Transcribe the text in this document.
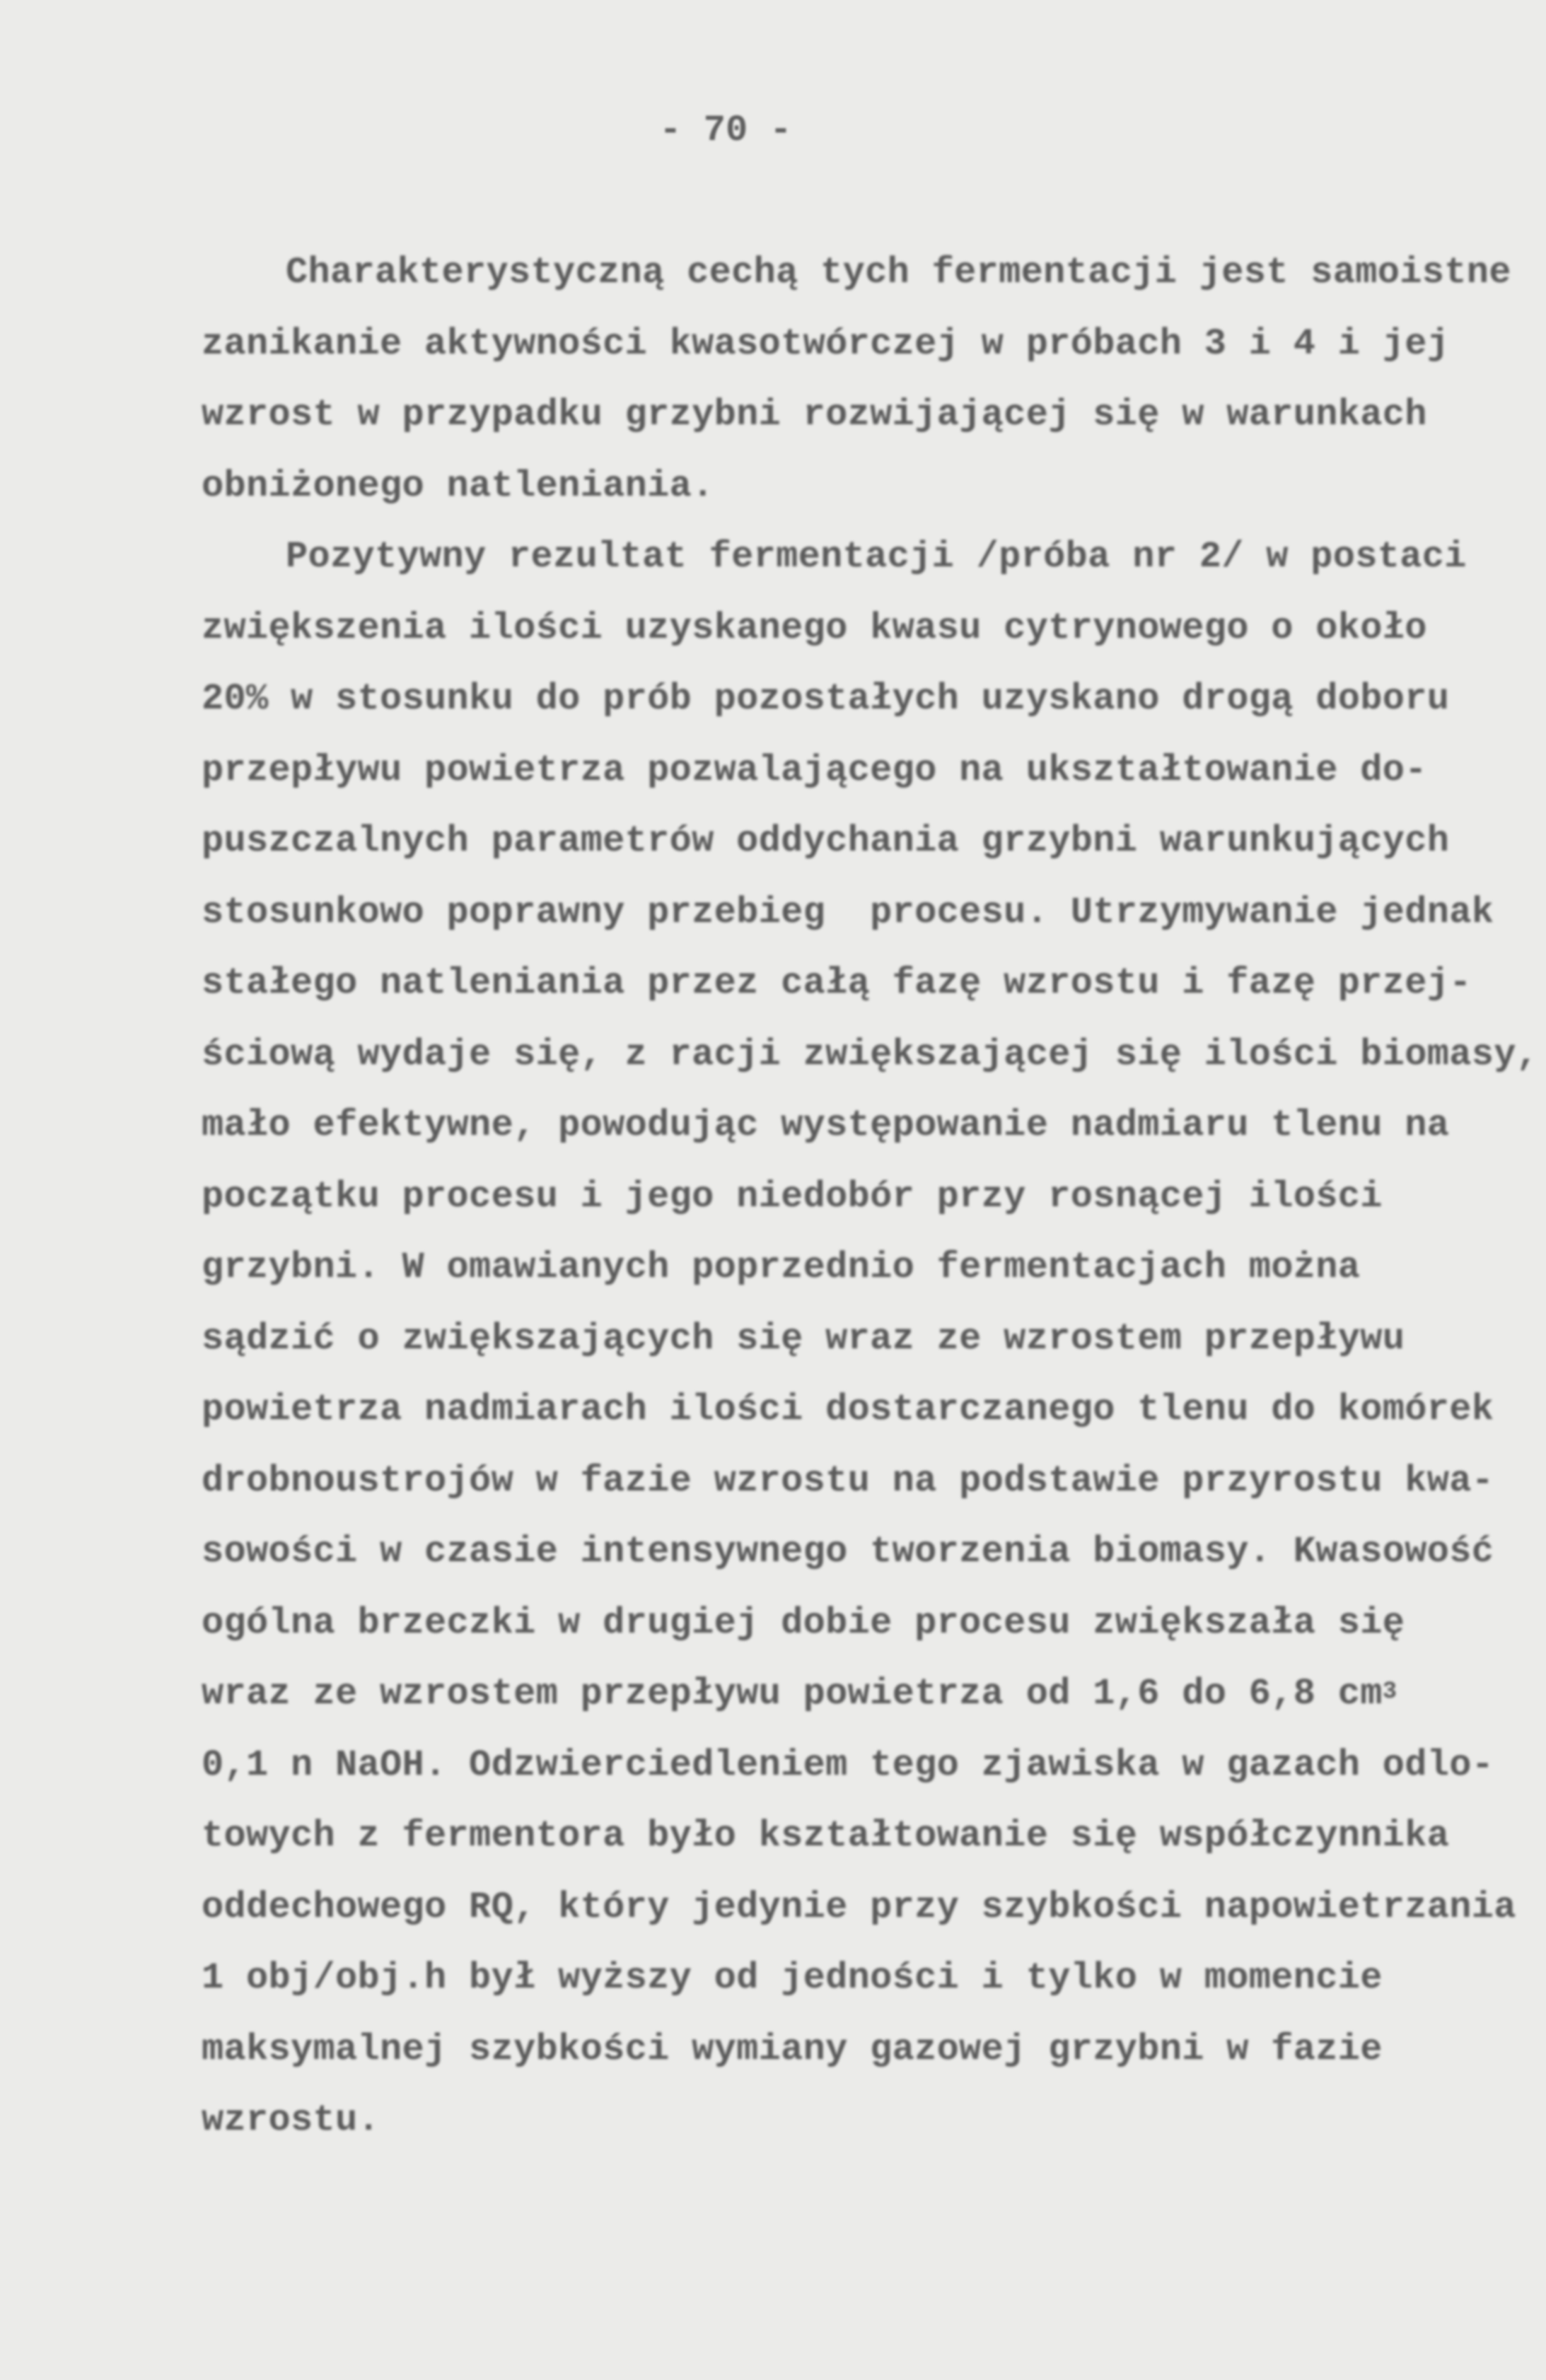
- 70 -
Charakterystyczną cechą tych fermentacji jest samoistne
zanikanie aktywności kwasotwórczej w próbach 3 i 4 i jej
wzrost w przypadku grzybni rozwijającej się w warunkach
obniżonego natleniania.
Pozytywny rezultat fermentacji /próba nr 2/ w postaci
zwiększenia ilości uzyskanego kwasu cytrynowego o około
20% w stosunku do prób pozostałych uzyskano drogą doboru
przepływu powietrza pozwalającego na ukształtowanie do-
puszczalnych parametrów oddychania grzybni warunkujących
stosunkowo poprawny przebieg  procesu. Utrzymywanie jednak
stałego natleniania przez całą fazę wzrostu i fazę przej-
ściową wydaje się, z racji zwiększającej się ilości biomasy,
mało efektywne, powodując występowanie nadmiaru tlenu na
początku procesu i jego niedobór przy rosnącej ilości
grzybni. W omawianych poprzednio fermentacjach można
sądzić o zwiększających się wraz ze wzrostem przepływu
powietrza nadmiarach ilości dostarczanego tlenu do komórek
drobnoustrojów w fazie wzrostu na podstawie przyrostu kwa-
sowości w czasie intensywnego tworzenia biomasy. Kwasowość
ogólna brzeczki w drugiej dobie procesu zwiększała się
wraz ze wzrostem przepływu powietrza od 1,6 do 6,8 $cm^3$
0,1 n NaOH. Odzwierciedleniem tego zjawiska w gazach odlo-
towych z fermentora było kształtowanie się współczynnika
oddechowego RQ, który jedynie przy szybkości napowietrzania
1 obj/obj.h był wyższy od jedności i tylko w momencie
maksymalnej szybkości wymiany gazowej grzybni w fazie
wzrostu.
